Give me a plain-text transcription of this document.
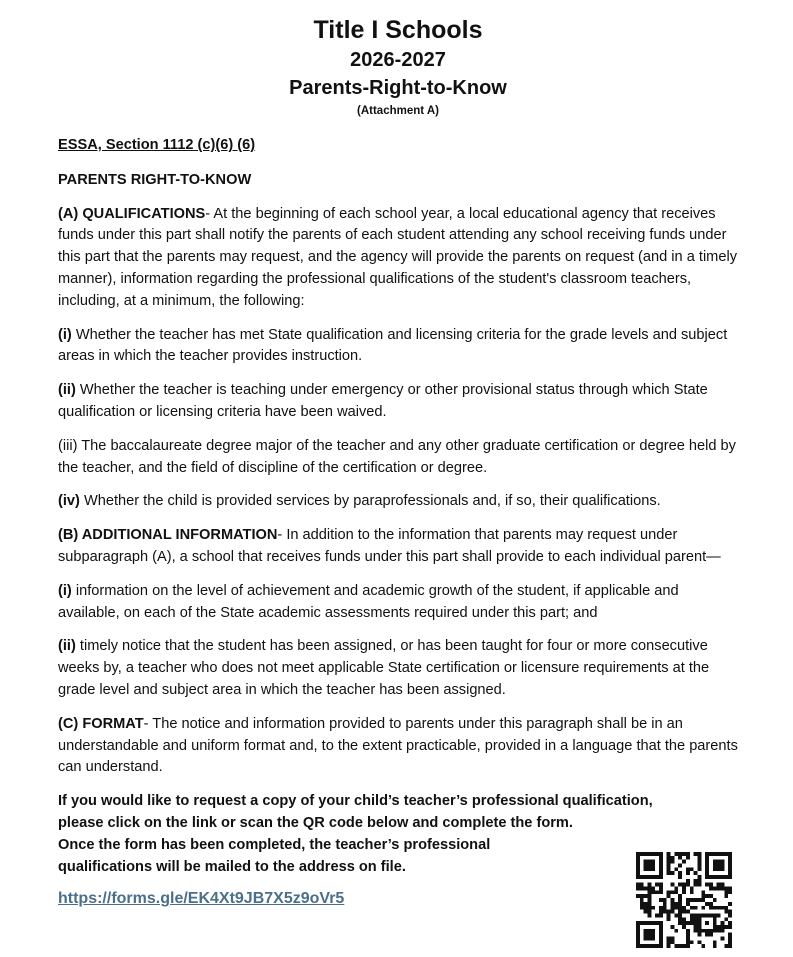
Title I Schools
2026-2027
Parents-Right-to-Know
(Attachment A)

ESSA, Section 1112 (c)(6) (6)

PARENTS RIGHT-TO-KNOW

(A) QUALIFICATIONS- At the beginning of each school year, a local educational agency that receives funds under this part shall notify the parents of each student attending any school receiving funds under this part that the parents may request, and the agency will provide the parents on request (and in a timely manner), information regarding the professional qualifications of the student's classroom teachers, including, at a minimum, the following:

(i) Whether the teacher has met State qualification and licensing criteria for the grade levels and subject areas in which the teacher provides instruction.

(ii) Whether the teacher is teaching under emergency or other provisional status through which State qualification or licensing criteria have been waived.

(iii) The baccalaureate degree major of the teacher and any other graduate certification or degree held by the teacher, and the field of discipline of the certification or degree.

(iv) Whether the child is provided services by paraprofessionals and, if so, their qualifications.

(B) ADDITIONAL INFORMATION- In addition to the information that parents may request under subparagraph (A), a school that receives funds under this part shall provide to each individual parent—

(i) information on the level of achievement and academic growth of the student, if applicable and available, on each of the State academic assessments required under this part; and

(ii) timely notice that the student has been assigned, or has been taught for four or more consecutive weeks by, a teacher who does not meet applicable State certification or licensure requirements at the grade level and subject area in which the teacher has been assigned.

(C) FORMAT- The notice and information provided to parents under this paragraph shall be in an understandable and uniform format and, to the extent practicable, provided in a language that the parents can understand.

If you would like to request a copy of your child’s teacher’s professional qualification,
please click on the link or scan the QR code below and complete the form.
Once the form has been completed, the teacher’s professional
qualifications will be mailed to the address on file.

https://forms.gle/EK4Xt9JB7X5z9oVr5
